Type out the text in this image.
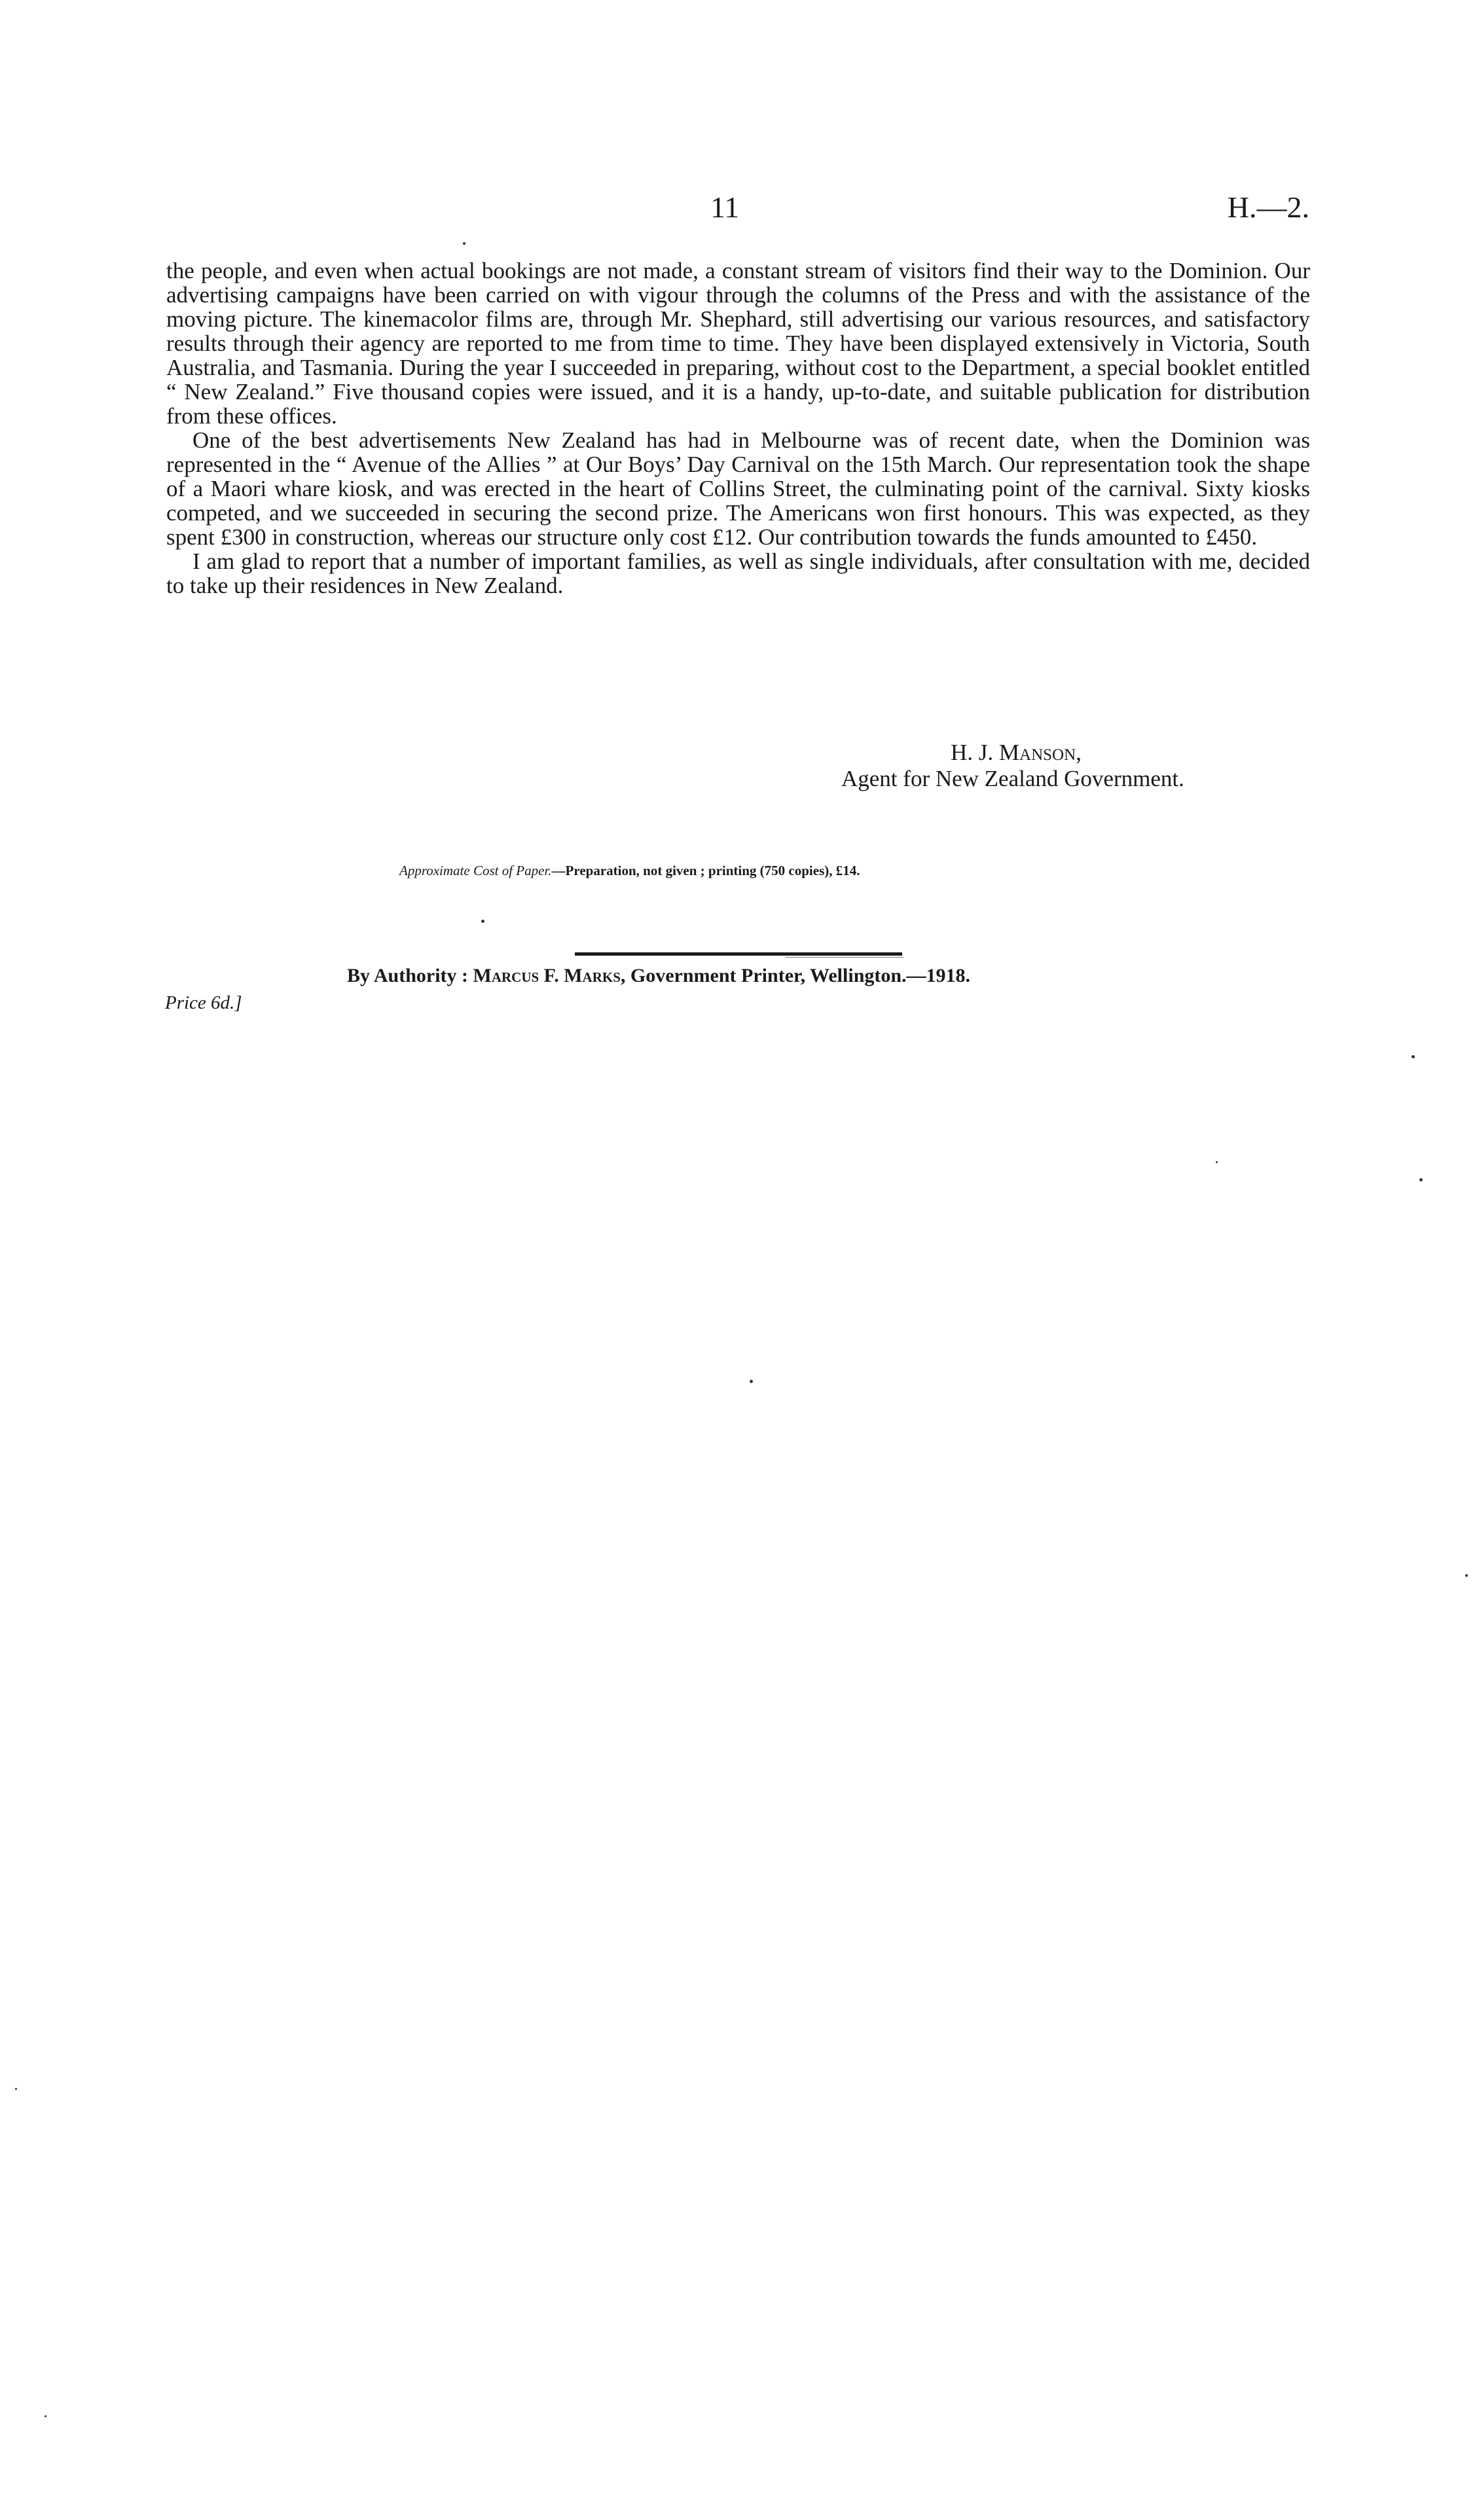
11	H.—2.

the people, and even when actual bookings are not made, a constant stream of visitors find their way to the Dominion. Our advertising campaigns have been carried on with vigour through the columns of the Press and with the assistance of the moving picture. The kinemacolor films are, through Mr. Shephard, still advertising our various resources, and satisfactory results through their agency are reported to me from time to time. They have been displayed extensively in Victoria, South Australia, and Tasmania. During the year I succeeded in preparing, without cost to the Department, a special booklet entitled “ New Zealand.” Five thousand copies were issued, and it is a handy, up-to-date, and suitable publication for distribution from these offices.

One of the best advertisements New Zealand has had in Melbourne was of recent date, when the Dominion was represented in the “ Avenue of the Allies ” at Our Boys’ Day Carnival on the 15th March. Our representation took the shape of a Maori whare kiosk, and was erected in the heart of Collins Street, the culminating point of the carnival. Sixty kiosks competed, and we succeeded in securing the second prize. The Americans won first honours. This was expected, as they spent £300 in construction, whereas our structure only cost £12. Our contribution towards the funds amounted to £450.

I am glad to report that a number of important families, as well as single individuals, after consultation with me, decided to take up their residences in New Zealand.

H. J. Manson,
Agent for New Zealand Government.
Approximate Cost of Paper.—Preparation, not given ; printing (750 copies), £14.
By Authority : Marcus F. Marks, Government Printer, Wellington.—1918.
Price 6d.]
